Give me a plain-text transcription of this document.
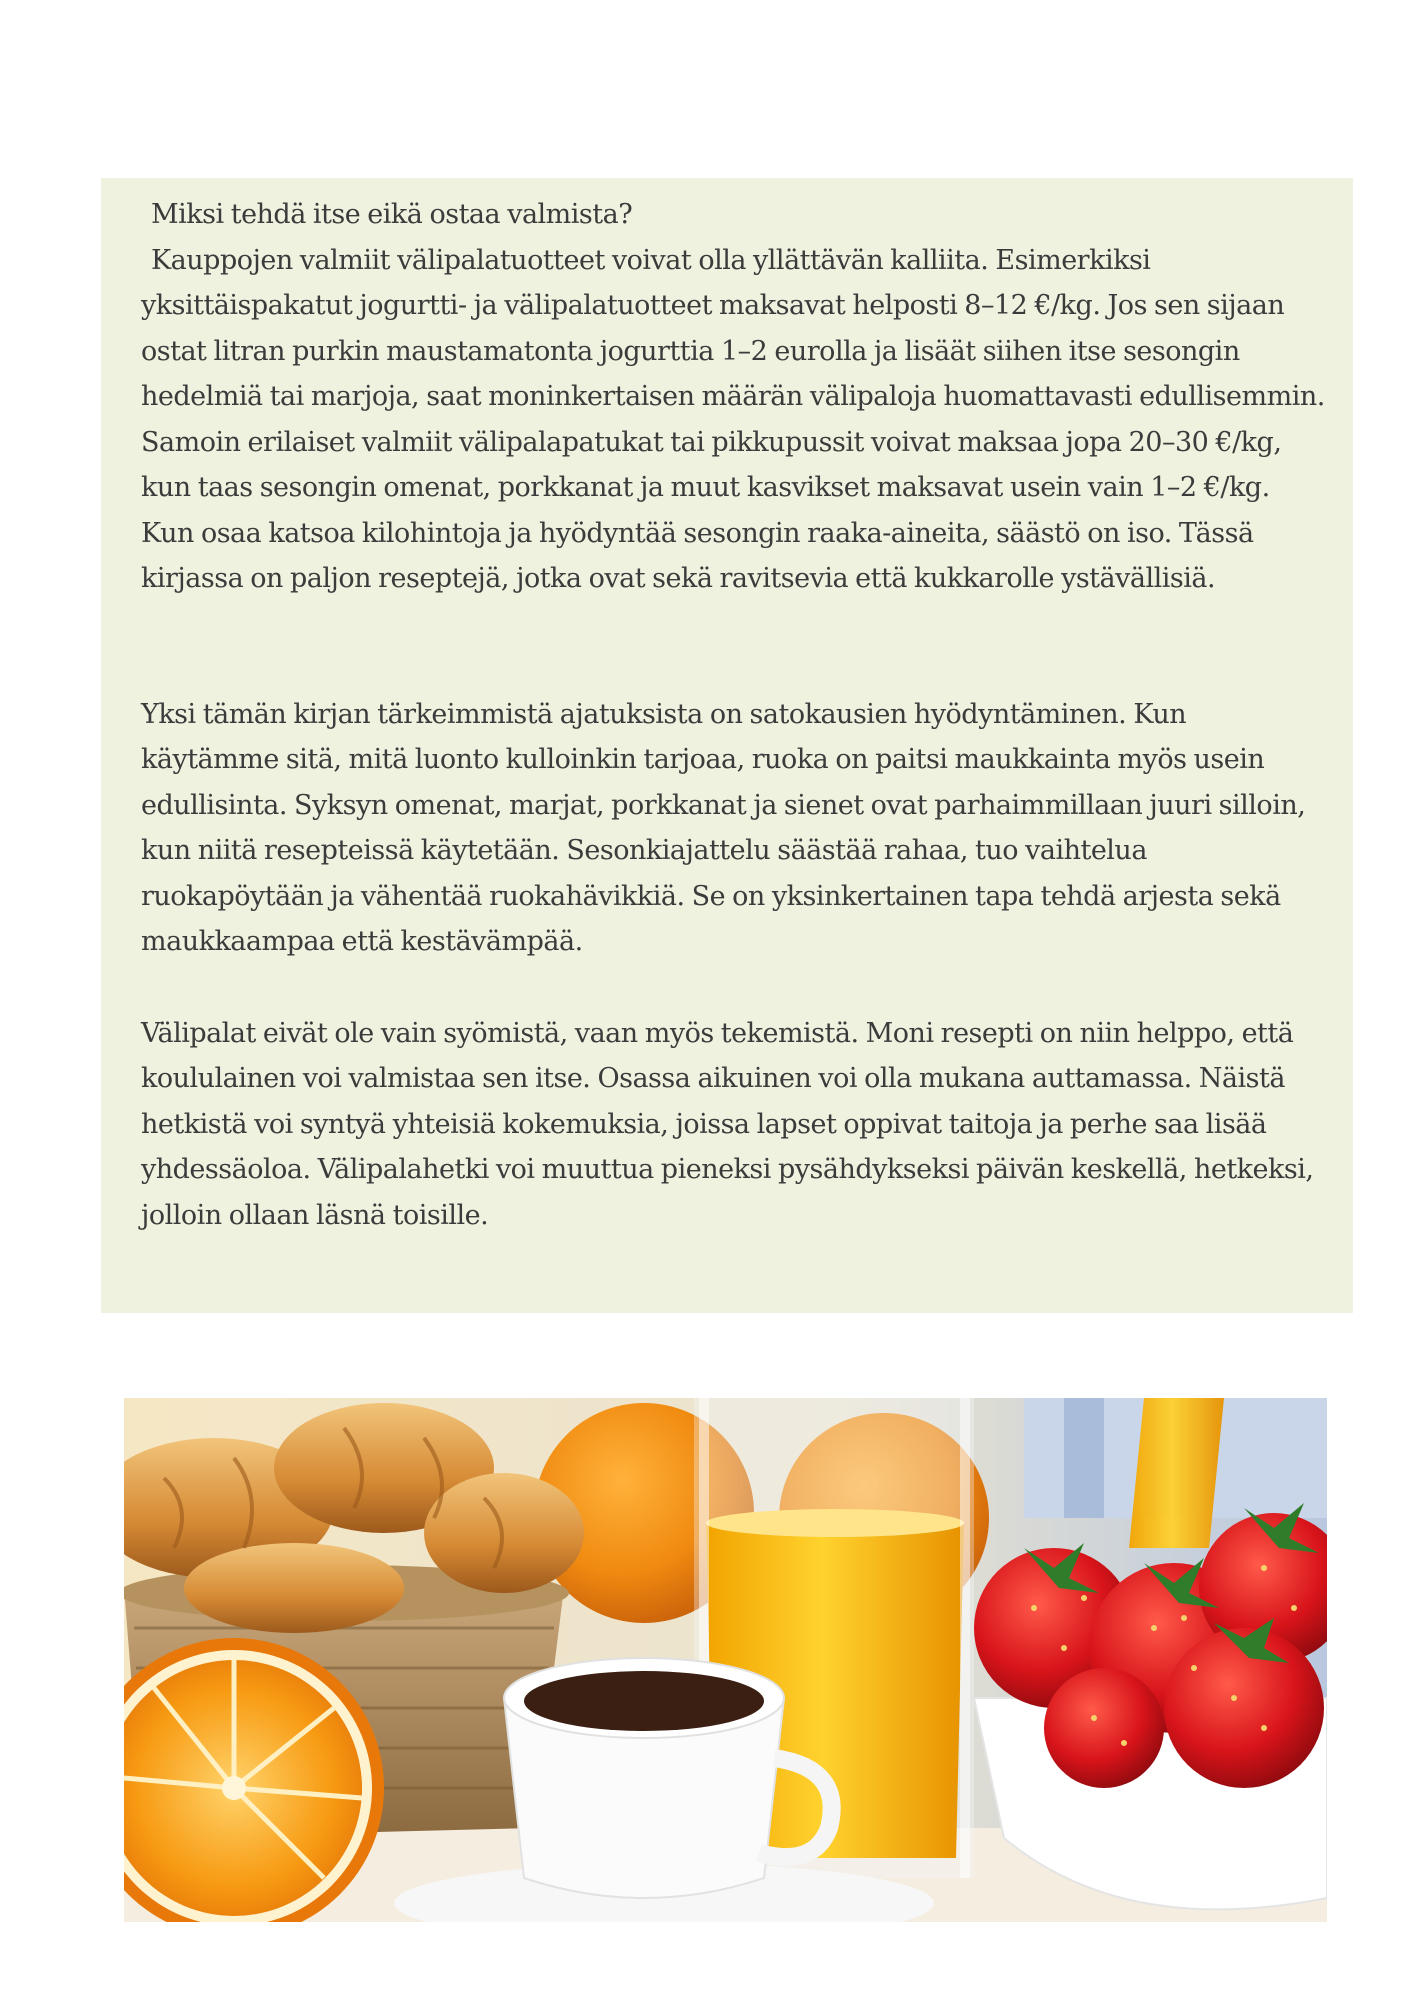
Miksi tehdä itse eikä ostaa valmista?

Kauppojen valmiit välipalatuotteet voivat olla yllättävän kalliita. Esimerkiksi yksittäispakatut jogurtti- ja välipalatuotteet maksavat helposti 8–12 €/kg. Jos sen sijaan ostat litran purkin maustamatonta jogurttia 1–2 eurolla ja lisäät siihen itse sesongin hedelmiä tai marjoja, saat moninkertaisen määrän välipaloja huomattavasti edullisemmin. Samoin erilaiset valmiit välipalapatukat tai pikkupussit voivat maksaa jopa 20–30 €/kg, kun taas sesongin omenat, porkkanat ja muut kasvikset maksavat usein vain 1–2 €/kg. Kun osaa katsoa kilohintoja ja hyödyntää sesongin raaka-aineita, säästö on iso. Tässä kirjassa on paljon reseptejä, jotka ovat sekä ravitsevia että kukkarolle ystävällisiä.

Yksi tämän kirjan tärkeimmistä ajatuksista on satokausien hyödyntäminen. Kun käytämme sitä, mitä luonto kulloinkin tarjoaa, ruoka on paitsi maukkainta myös usein edullisinta. Syksyn omenat, marjat, porkkanat ja sienet ovat parhaimmillaan juuri silloin, kun niitä resepteissä käytetään. Sesonkiajattelu säästää rahaa, tuo vaihtelua ruokapöytään ja vähentää ruokahävikkiä. Se on yksinkertainen tapa tehdä arjesta sekä maukkaampaa että kestävämpää.

Välipalat eivät ole vain syömistä, vaan myös tekemistä. Moni resepti on niin helppo, että koululainen voi valmistaa sen itse. Osassa aikuinen voi olla mukana auttamassa. Näistä hetkistä voi syntyä yhteisiä kokemuksia, joissa lapset oppivat taitoja ja perhe saa lisää yhdessäoloa. Välipalahetki voi muuttua pieneksi pysähdykseksi päivän keskellä, hetkeksi, jolloin ollaan läsnä toisille.
